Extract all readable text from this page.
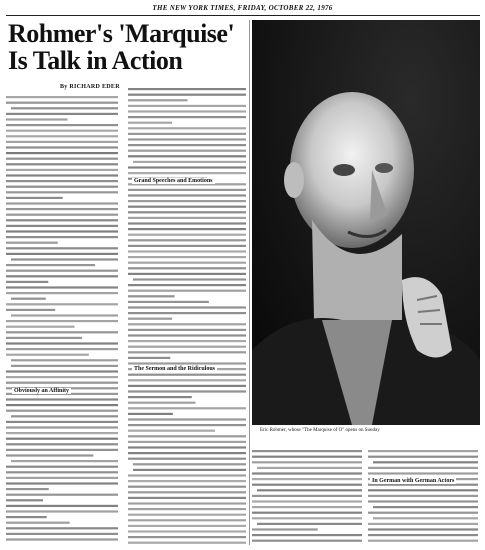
THE NEW YORK TIMES, FRIDAY, OCTOBER 22, 1976
Rohmer's 'Marquise'
Is Talk in Action
By RICHARD EDER
Obviously an Affinity
Grand Speeches and Emotions
The Sermon and the Ridiculous
In German with German Actors
Eric Rohmer, whose "The Marquise of O" opens on Sunday
